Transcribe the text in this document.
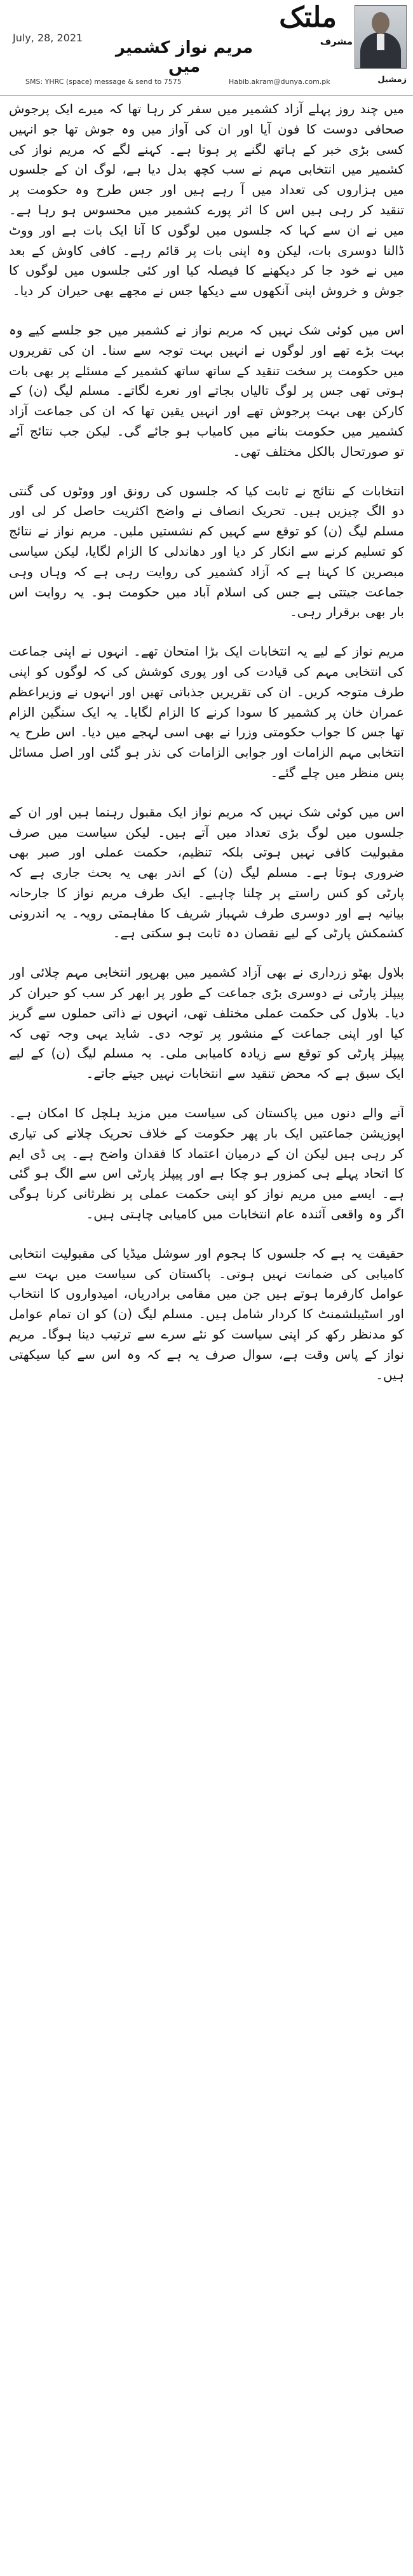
ملتک
مشرف
زمشیل
July, 28, 2021
مریم نواز کشمیر میں
SMS: YHRC (space) message & send to 7575	Habib.akram@dunya.com.pk

میں چند روز پہلے آزاد کشمیر میں سفر کر رہا تھا کہ میرے ایک پرجوش صحافی دوست کا فون آیا اور ان کی آواز میں وہ جوش تھا جو انہیں کسی بڑی خبر کے ہاتھ لگنے پر ہوتا ہے۔ کہنے لگے کہ مریم نواز کی کشمیر میں انتخابی مہم نے سب کچھ بدل دیا ہے، لوگ ان کے جلسوں میں ہزاروں کی تعداد میں آ رہے ہیں اور جس طرح وہ حکومت پر تنقید کر رہی ہیں اس کا اثر پورے کشمیر میں محسوس ہو رہا ہے۔ میں نے ان سے کہا کہ جلسوں میں لوگوں کا آنا ایک بات ہے اور ووٹ ڈالنا دوسری بات، لیکن وہ اپنی بات پر قائم رہے۔ کافی کاوش کے بعد میں نے خود جا کر دیکھنے کا فیصلہ کیا اور کئی جلسوں میں لوگوں کا جوش و خروش اپنی آنکھوں سے دیکھا جس نے مجھے بھی حیران کر دیا۔

اس میں کوئی شک نہیں کہ مریم نواز نے کشمیر میں جو جلسے کیے وہ بہت بڑے تھے اور لوگوں نے انہیں بہت توجہ سے سنا۔ ان کی تقریروں میں حکومت پر سخت تنقید کے ساتھ ساتھ کشمیر کے مسئلے پر بھی بات ہوتی تھی جس پر لوگ تالیاں بجاتے اور نعرے لگاتے۔ مسلم لیگ (ن) کے کارکن بھی بہت پرجوش تھے اور انہیں یقین تھا کہ ان کی جماعت آزاد کشمیر میں حکومت بنانے میں کامیاب ہو جائے گی۔ لیکن جب نتائج آئے تو صورتحال بالکل مختلف تھی۔

انتخابات کے نتائج نے ثابت کیا کہ جلسوں کی رونق اور ووٹوں کی گنتی دو الگ چیزیں ہیں۔ تحریک انصاف نے واضح اکثریت حاصل کر لی اور مسلم لیگ (ن) کو توقع سے کہیں کم نشستیں ملیں۔ مریم نواز نے نتائج کو تسلیم کرنے سے انکار کر دیا اور دھاندلی کا الزام لگایا، لیکن سیاسی مبصرین کا کہنا ہے کہ آزاد کشمیر کی روایت رہی ہے کہ وہاں وہی جماعت جیتتی ہے جس کی اسلام آباد میں حکومت ہو۔ یہ روایت اس بار بھی برقرار رہی۔

مریم نواز کے لیے یہ انتخابات ایک بڑا امتحان تھے۔ انہوں نے اپنی جماعت کی انتخابی مہم کی قیادت کی اور پوری کوشش کی کہ لوگوں کو اپنی طرف متوجہ کریں۔ ان کی تقریریں جذباتی تھیں اور انہوں نے وزیراعظم عمران خان پر کشمیر کا سودا کرنے کا الزام لگایا۔ یہ ایک سنگین الزام تھا جس کا جواب حکومتی وزرا نے بھی اسی لہجے میں دیا۔ اس طرح یہ انتخابی مہم الزامات اور جوابی الزامات کی نذر ہو گئی اور اصل مسائل پس منظر میں چلے گئے۔

اس میں کوئی شک نہیں کہ مریم نواز ایک مقبول رہنما ہیں اور ان کے جلسوں میں لوگ بڑی تعداد میں آتے ہیں۔ لیکن سیاست میں صرف مقبولیت کافی نہیں ہوتی بلکہ تنظیم، حکمت عملی اور صبر بھی ضروری ہوتا ہے۔ مسلم لیگ (ن) کے اندر بھی یہ بحث جاری ہے کہ پارٹی کو کس راستے پر چلنا چاہیے۔ ایک طرف مریم نواز کا جارحانہ بیانیہ ہے اور دوسری طرف شہباز شریف کا مفاہمتی رویہ۔ یہ اندرونی کشمکش پارٹی کے لیے نقصان دہ ثابت ہو سکتی ہے۔

بلاول بھٹو زرداری نے بھی آزاد کشمیر میں بھرپور انتخابی مہم چلائی اور پیپلز پارٹی نے دوسری بڑی جماعت کے طور پر ابھر کر سب کو حیران کر دیا۔ بلاول کی حکمت عملی مختلف تھی، انہوں نے ذاتی حملوں سے گریز کیا اور اپنی جماعت کے منشور پر توجہ دی۔ شاید یہی وجہ تھی کہ پیپلز پارٹی کو توقع سے زیادہ کامیابی ملی۔ یہ مسلم لیگ (ن) کے لیے ایک سبق ہے کہ محض تنقید سے انتخابات نہیں جیتے جاتے۔

آنے والے دنوں میں پاکستان کی سیاست میں مزید ہلچل کا امکان ہے۔ اپوزیشن جماعتیں ایک بار پھر حکومت کے خلاف تحریک چلانے کی تیاری کر رہی ہیں لیکن ان کے درمیان اعتماد کا فقدان واضح ہے۔ پی ڈی ایم کا اتحاد پہلے ہی کمزور ہو چکا ہے اور پیپلز پارٹی اس سے الگ ہو گئی ہے۔ ایسے میں مریم نواز کو اپنی حکمت عملی پر نظرثانی کرنا ہوگی اگر وہ واقعی آئندہ عام انتخابات میں کامیابی چاہتی ہیں۔

حقیقت یہ ہے کہ جلسوں کا ہجوم اور سوشل میڈیا کی مقبولیت انتخابی کامیابی کی ضمانت نہیں ہوتی۔ پاکستان کی سیاست میں بہت سے عوامل کارفرما ہوتے ہیں جن میں مقامی برادریاں، امیدواروں کا انتخاب اور اسٹیبلشمنٹ کا کردار شامل ہیں۔ مسلم لیگ (ن) کو ان تمام عوامل کو مدنظر رکھ کر اپنی سیاست کو نئے سرے سے ترتیب دینا ہوگا۔ مریم نواز کے پاس وقت ہے، سوال صرف یہ ہے کہ وہ اس سے کیا سیکھتی ہیں۔
